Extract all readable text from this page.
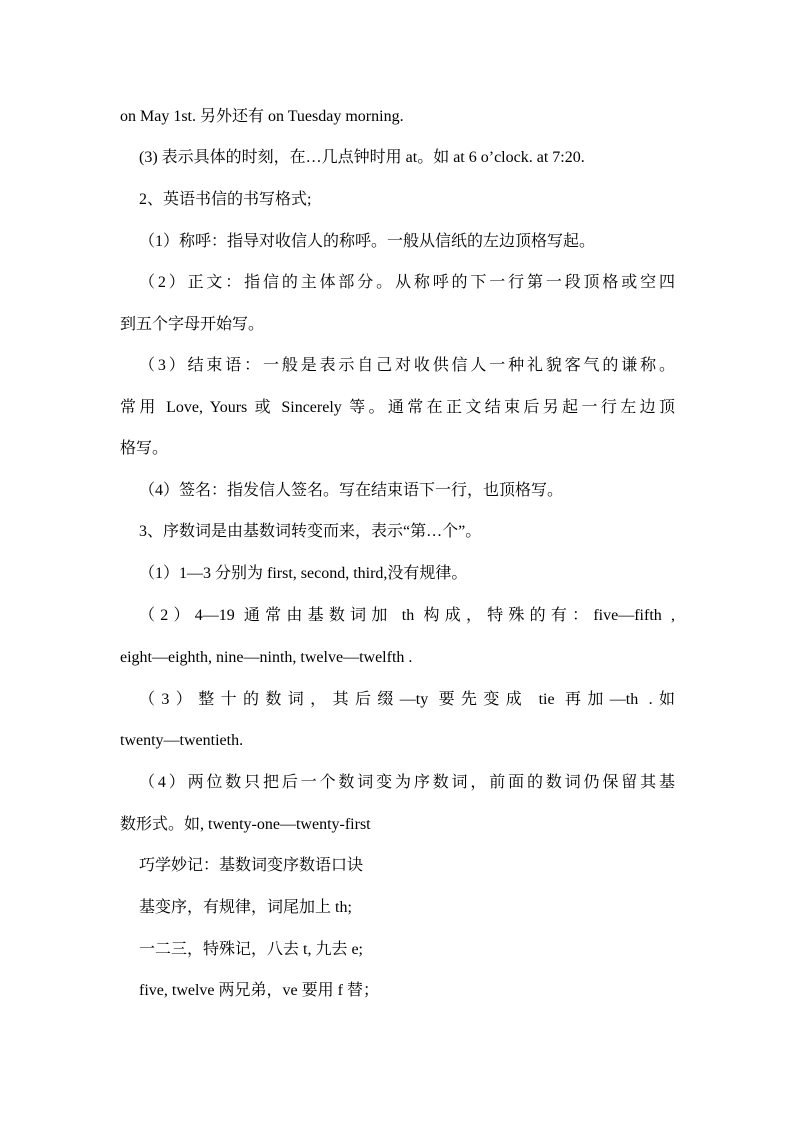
on May 1st. 另外还有 on Tuesday morning.
(3) 表示具体的时刻，在…几点钟时用 at。如 at 6 o’clock. at 7:20.
2、英语书信的书写格式;
（1）称呼：指导对收信人的称呼。一般从信纸的左边顶格写起。
（2）正文：指信的主体部分。从称呼的下一行第一段顶格或空四
到五个字母开始写。
（3）结束语：一般是表示自己对收供信人一种礼貌客气的谦称。
常用 Love, Yours 或 Sincerely 等。通常在正文结束后另起一行左边顶
格写。
（4）签名：指发信人签名。写在结束语下一行，也顶格写。
3、序数词是由基数词转变而来，表示“第…个”。
（1）1—3 分别为 first, second, third,没有规律。
（2）4—19 通常由基数词加 th 构成，特殊的有：five—fifth ,
eight—eighth, nine—ninth, twelve—twelfth .
（3）整十的数词，其后缀—ty 要先变成 tie 再加—th .如
twenty—twentieth.
（4）两位数只把后一个数词变为序数词，前面的数词仍保留其基
数形式。如, twenty-one—twenty-first
巧学妙记：基数词变序数语口诀
基变序，有规律，词尾加上 th;
一二三，特殊记，八去 t, 九去 e;
five, twelve 两兄弟，ve 要用 f 替；
